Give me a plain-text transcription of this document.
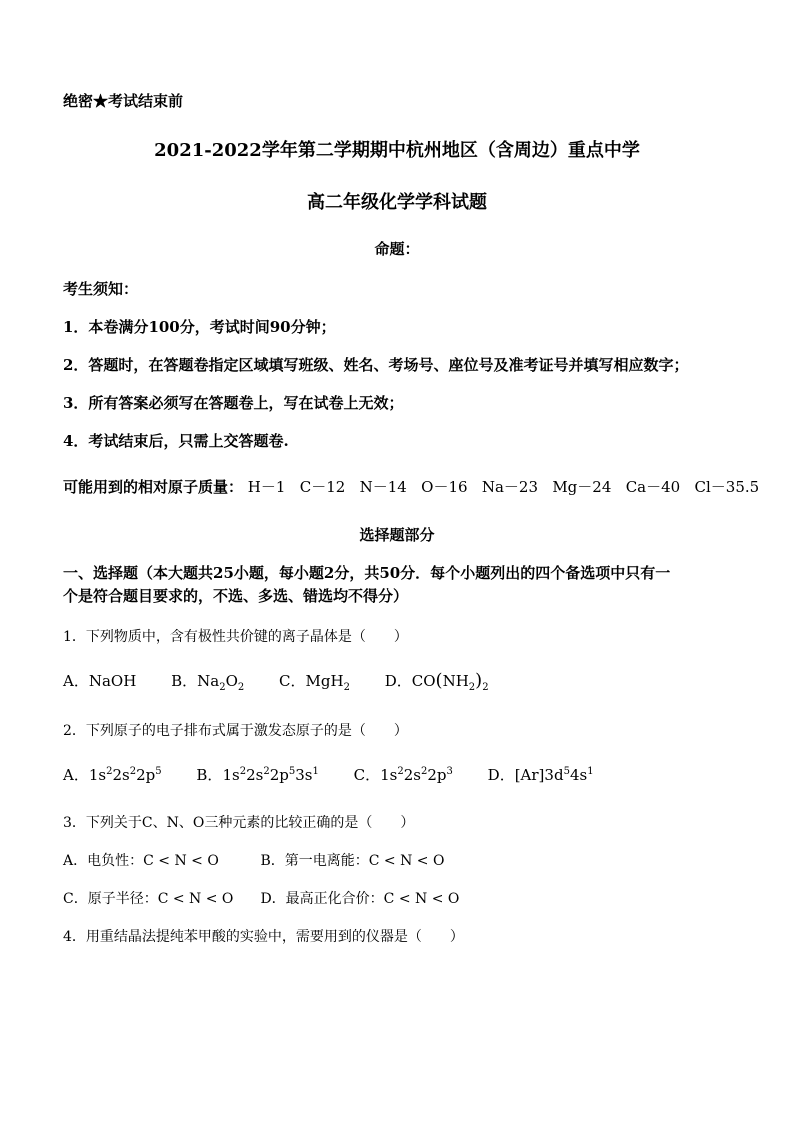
绝密★考试结束前
2021-2022学年第二学期期中杭州地区（含周边）重点中学
高二年级化学学科试题
命题：
考生须知：
1．本卷满分100分，考试时间90分钟；
2．答题时，在答题卷指定区域填写班级、姓名、考场号、座位号及准考证号并填写相应数字；
3．所有答案必须写在答题卷上，写在试卷上无效；
4．考试结束后，只需上交答题卷.
可能用到的相对原子质量： H－1 C－12 N－14 O－16 Na－23 Mg－24 Ca－40 Cl－35.5
选择题部分
一、选择题（本大题共25小题，每小题2分，共50分．每个小题列出的四个备选项中只有一
个是符合题目要求的，不选、多选、错选均不得分）
1．下列物质中，含有极性共价键的离子晶体是（　　）
A．NaOH B．$Na_2O_2$ C．MgH$_2$ D．$CO(NH_2)_2$
2．下列原子的电子排布式属于激发态原子的是（　　）
A．$1s^22s^22p^5$ B．$1s^22s^22p^53s^1$ C．$1s^22s^22p^3$ D．$[Ar]3d^54s^1$
3．下列关于C、N、O三种元素的比较正确的是（　　）
A．电负性：C < N < O	B．第一电离能：C < N < O
C．原子半径：C < N < O D．最高正化合价：C < N < O
4．用重结晶法提纯苯甲酸的实验中，需要用到的仪器是（　　）
